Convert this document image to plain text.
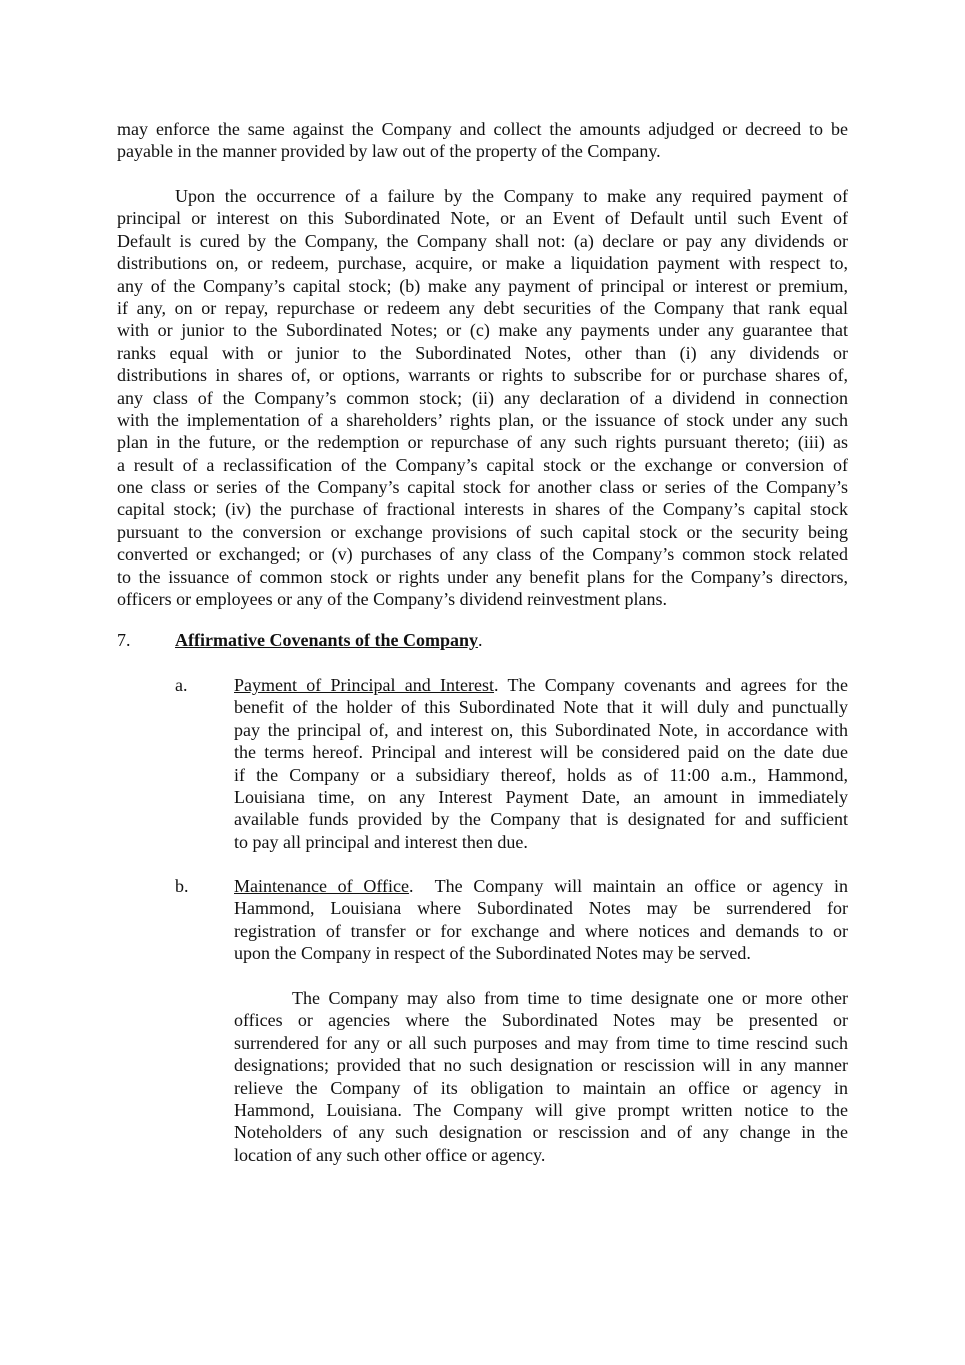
may enforce the same against the Company and collect the amounts adjudged or decreed to be
payable in the manner provided by law out of the property of the Company.
Upon the occurrence of a failure by the Company to make any required payment of
principal or interest on this Subordinated Note, or an Event of Default until such Event of
Default is cured by the Company, the Company shall not: (a) declare or pay any dividends or
distributions on, or redeem, purchase, acquire, or make a liquidation payment with respect to,
any of the Company’s capital stock; (b) make any payment of principal or interest or premium,
if any, on or repay, repurchase or redeem any debt securities of the Company that rank equal
with or junior to the Subordinated Notes; or (c) make any payments under any guarantee that
ranks equal with or junior to the Subordinated Notes, other than (i) any dividends or
distributions in shares of, or options, warrants or rights to subscribe for or purchase shares of,
any class of the Company’s common stock; (ii) any declaration of a dividend in connection
with the implementation of a shareholders’ rights plan, or the issuance of stock under any such
plan in the future, or the redemption or repurchase of any such rights pursuant thereto; (iii) as
a result of a reclassification of the Company’s capital stock or the exchange or conversion of
one class or series of the Company’s capital stock for another class or series of the Company’s
capital stock; (iv) the purchase of fractional interests in shares of the Company’s capital stock
pursuant to the conversion or exchange provisions of such capital stock or the security being
converted or exchanged; or (v) purchases of any class of the Company’s common stock related
to the issuance of common stock or rights under any benefit plans for the Company’s directors,
officers or employees or any of the Company’s dividend reinvestment plans.
7. Affirmative Covenants of the Company.
a.	Payment of Principal and Interest. The Company covenants and agrees for the
benefit of the holder of this Subordinated Note that it will duly and punctually
pay the principal of, and interest on, this Subordinated Note, in accordance with
the terms hereof. Principal and interest will be considered paid on the date due
if the Company or a subsidiary thereof, holds as of 11:00 a.m., Hammond,
Louisiana time, on any Interest Payment Date, an amount in immediately
available funds provided by the Company that is designated for and sufficient
to pay all principal and interest then due.
b.	Maintenance of Office.  The Company will maintain an office or agency in
Hammond, Louisiana where Subordinated Notes may be surrendered for
registration of transfer or for exchange and where notices and demands to or
upon the Company in respect of the Subordinated Notes may be served.
The Company may also from time to time designate one or more other
offices or agencies where the Subordinated Notes may be presented or
surrendered for any or all such purposes and may from time to time rescind such
designations; provided that no such designation or rescission will in any manner
relieve the Company of its obligation to maintain an office or agency in
Hammond, Louisiana. The Company will give prompt written notice to the
Noteholders of any such designation or rescission and of any change in the
location of any such other office or agency.
